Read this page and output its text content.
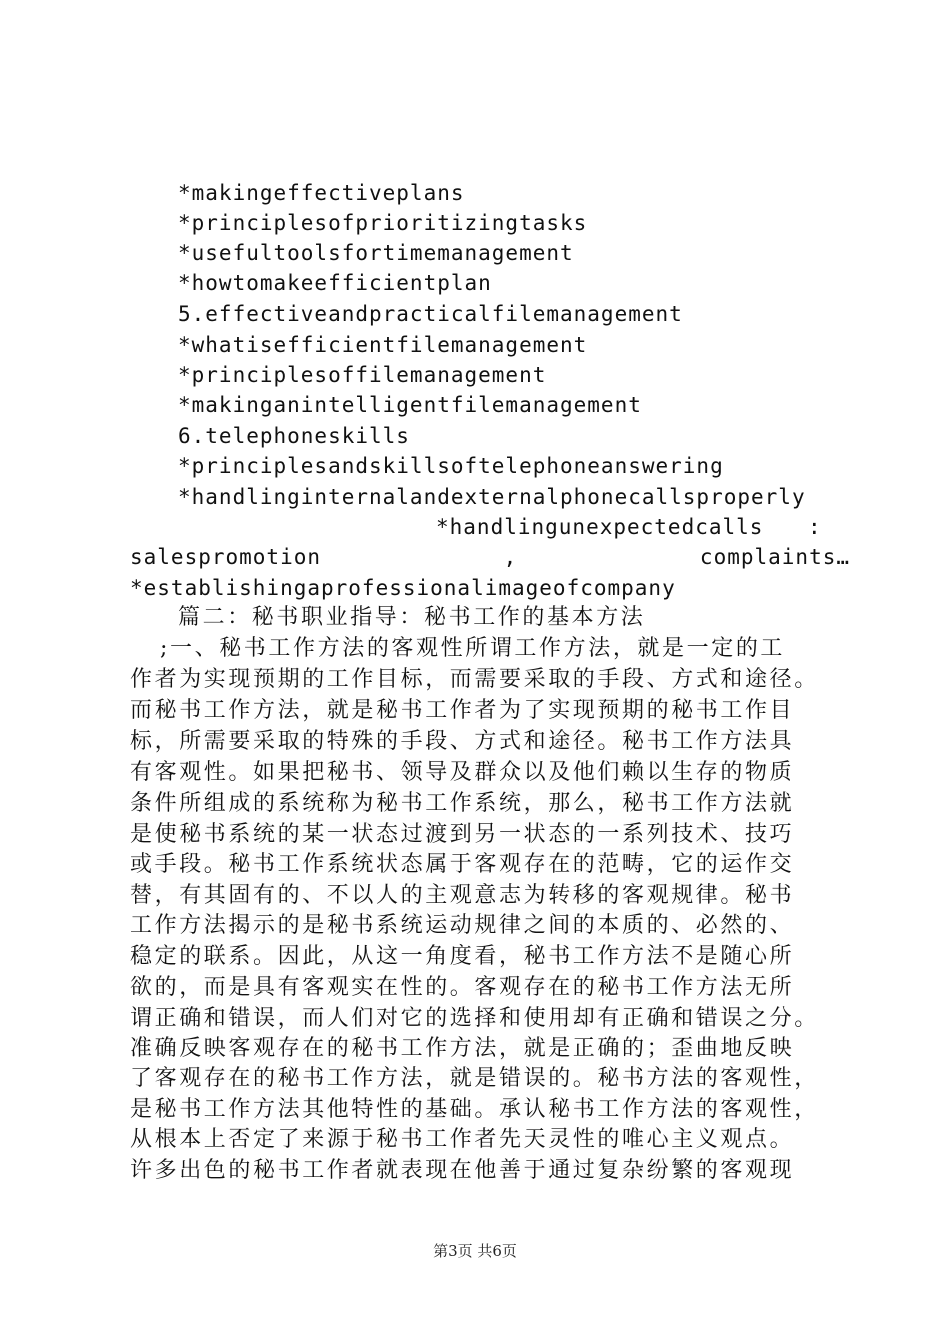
*makingeffectiveplans
*principlesofprioritizingtasks
*usefultoolsfortimemanagement
*howtomakeefficientplan
5.effectiveandpracticalfilemanagement
*whatisefficientfilemanagement
*principlesoffilemanagement
*makinganintelligentfilemanagement
6.telephoneskills
*principlesandskillsoftelephoneanswering
*handlinginternalandexternalphonecallsproperly
*handlingunexpectedcalls :
salespromotion	,	complaints…
*establishingaprofessionalimageofcompany
篇二：秘书职业指导：秘书工作的基本方法
;一、秘书工作方法的客观性所谓工作方法，就是一定的工
作者为实现预期的工作目标，而需要采取的手段、方式和途径。
而秘书工作方法，就是秘书工作者为了实现预期的秘书工作目
标，所需要采取的特殊的手段、方式和途径。秘书工作方法具
有客观性。如果把秘书、领导及群众以及他们赖以生存的物质
条件所组成的系统称为秘书工作系统，那么，秘书工作方法就
是使秘书系统的某一状态过渡到另一状态的一系列技术、技巧
或手段。秘书工作系统状态属于客观存在的范畴，它的运作交
替，有其固有的、不以人的主观意志为转移的客观规律。秘书
工作方法揭示的是秘书系统运动规律之间的本质的、必然的、
稳定的联系。因此，从这一角度看，秘书工作方法不是随心所
欲的，而是具有客观实在性的。客观存在的秘书工作方法无所
谓正确和错误，而人们对它的选择和使用却有正确和错误之分。
准确反映客观存在的秘书工作方法，就是正确的；歪曲地反映
了客观存在的秘书工作方法，就是错误的。秘书方法的客观性，
是秘书工作方法其他特性的基础。承认秘书工作方法的客观性，
从根本上否定了来源于秘书工作者先天灵性的唯心主义观点。
许多出色的秘书工作者就表现在他善于通过复杂纷繁的客观现
第3页 共6页
